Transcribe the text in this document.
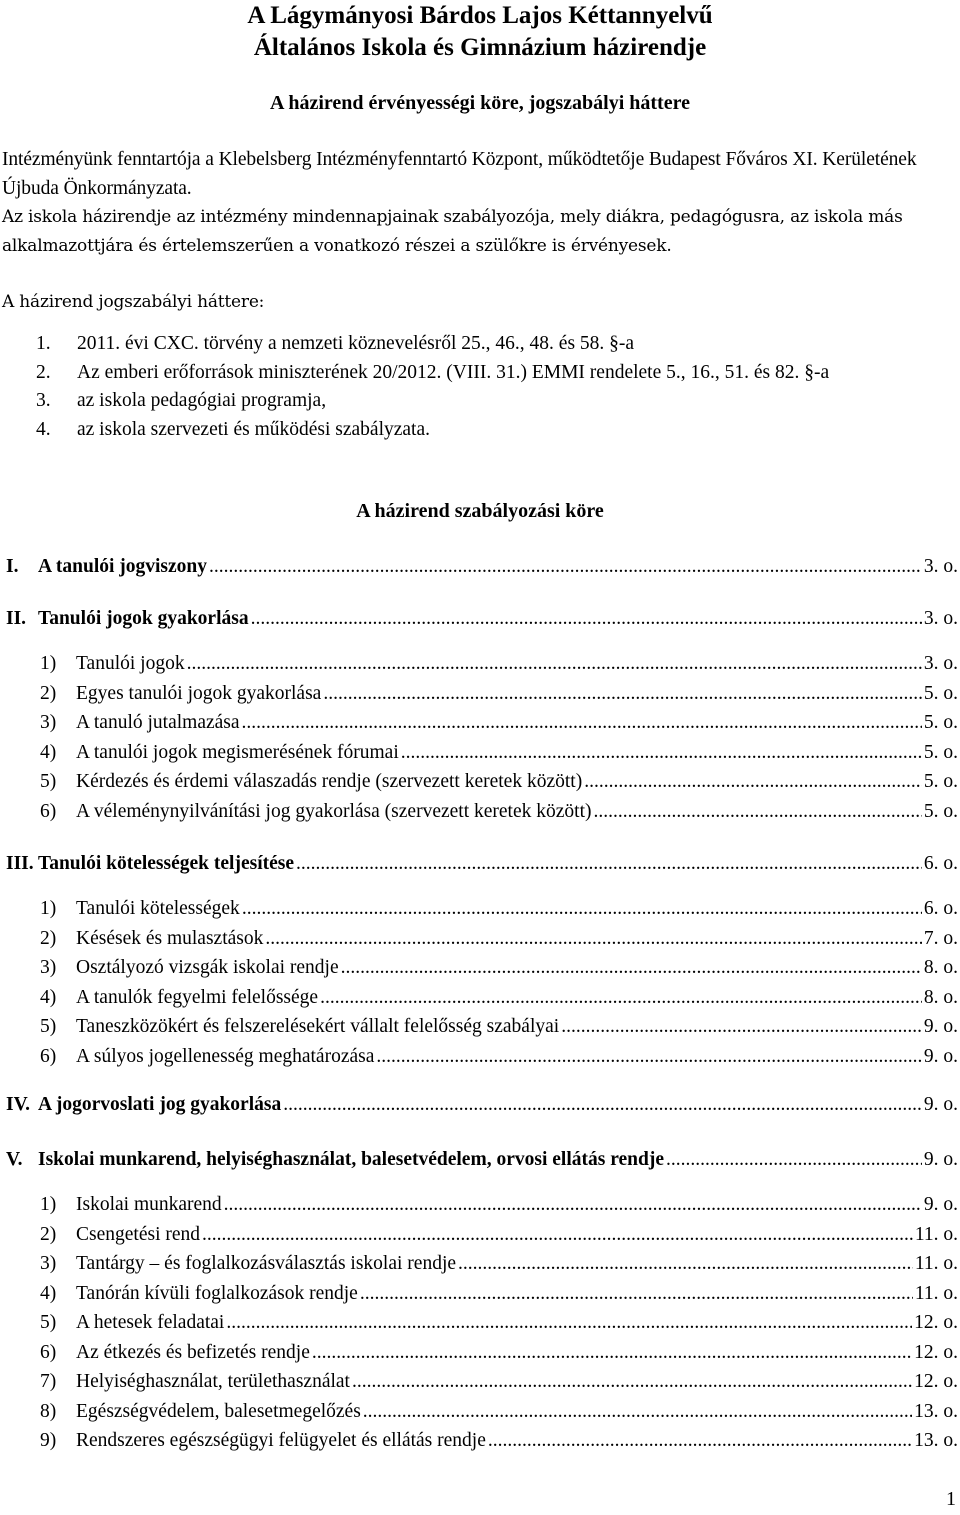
A Lágymányosi Bárdos Lajos Kéttannyelvű
Általános Iskola és Gimnázium házirendje
A házirend érvényességi köre, jogszabályi háttere
Intézményünk fenntartója a Klebelsberg Intézményfenntartó Központ, működtetője Budapest Főváros XI. Kerületének Újbuda Önkormányzata.
Az iskola házirendje az intézmény mindennapjainak szabályozója, mely diákra, pedagógusra, az iskola más alkalmazottjára és értelemszerűen a vonatkozó részei a szülőkre is érvényesek.
A házirend jogszabályi háttere:
1.	2011. évi CXC. törvény a nemzeti köznevelésről 25., 46., 48. és 58. §-a
2.	Az emberi erőforrások miniszterének 20/2012. (VIII. 31.) EMMI rendelete 5., 16., 51. és 82. §-a
3.	az iskola pedagógiai programja,
4.	az iskola szervezeti és működési szabályzata.
A házirend szabályozási köre
I.	A tanulói jogviszony .....	3. o.
II. Tanulói jogok gyakorlása .....	3. o.
1)	Tanulói jogok .....	3. o.
2)	Egyes tanulói jogok gyakorlása .....	5. o.
3)	A tanuló jutalmazása .....	5. o.
4)	A tanulói jogok megismerésének fórumai .....	5. o.
5)	Kérdezés és érdemi válaszadás rendje (szervezett keretek között) .....	5. o.
6)	A véleménynyilvánítási jog gyakorlása (szervezett keretek között) .....	5. o.
III. Tanulói kötelességek teljesítése .....	6. o.
1)	Tanulói kötelességek .....	6. o.
2)	Késések és mulasztások .....	7. o.
3)	Osztályozó vizsgák iskolai rendje .....	8. o.
4)	A tanulók fegyelmi felelőssége .....	8. o.
5)	Taneszközökért és felszerelésekért vállalt felelősség szabályai .....	9. o.
6)	A súlyos jogellenesség meghatározása .....	9. o.
IV. A jogorvoslati jog gyakorlása .....	9. o.
V. Iskolai munkarend, helyiséghasználat, balesetvédelem, orvosi ellátás rendje .....	9. o.
1)	Iskolai munkarend .....	9. o.
2)	Csengetési rend .....	11. o.
3)	Tantárgy – és foglalkozásválasztás iskolai rendje .....	11. o.
4)	Tanórán kívüli foglalkozások rendje .....	11. o.
5)	A hetesek feladatai .....	12. o.
6)	Az étkezés és befizetés rendje .....	12. o.
7)	Helyiséghasználat, területhasználat .....	12. o.
8)	Egészségvédelem, balesetmegelőzés .....	13. o.
9)	Rendszeres egészségügyi felügyelet és ellátás rendje .....	13. o.
1
